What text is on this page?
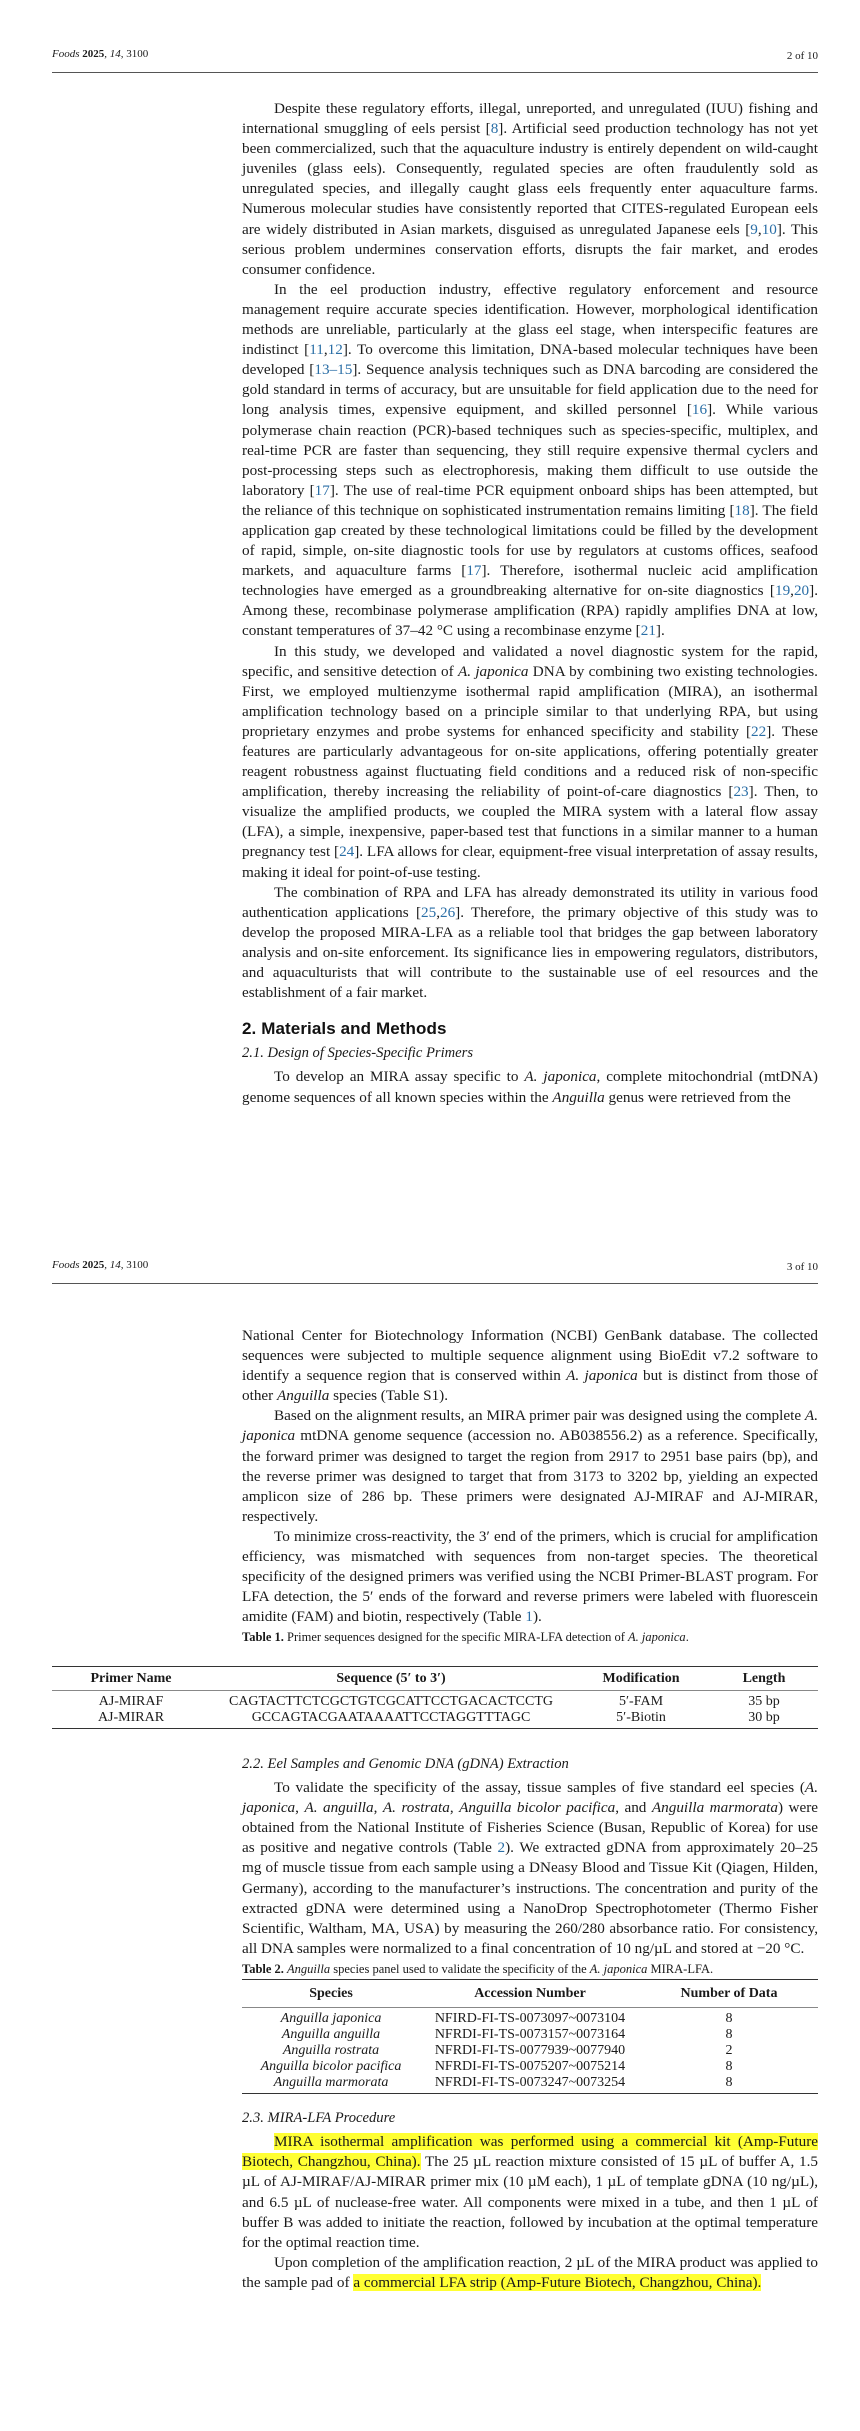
Foods 2025, 14, 3100	2 of 10

Despite these regulatory efforts, illegal, unreported, and unregulated (IUU) fishing and international smuggling of eels persist [8]. Artificial seed production technology has not yet been commercialized, such that the aquaculture industry is entirely dependent on wild-caught juveniles (glass eels). Consequently, regulated species are often fraudulently sold as unregulated species, and illegally caught glass eels frequently enter aquaculture farms. Numerous molecular studies have consistently reported that CITES-regulated European eels are widely distributed in Asian markets, disguised as unregulated Japanese eels [9,10]. This serious problem undermines conservation efforts, disrupts the fair market, and erodes consumer confidence.

In the eel production industry, effective regulatory enforcement and resource management require accurate species identification. However, morphological identification methods are unreliable, particularly at the glass eel stage, when interspecific features are indistinct [11,12]. To overcome this limitation, DNA-based molecular techniques have been developed [13–15]. Sequence analysis techniques such as DNA barcoding are considered the gold standard in terms of accuracy, but are unsuitable for field application due to the need for long analysis times, expensive equipment, and skilled personnel [16]. While various polymerase chain reaction (PCR)-based techniques such as species-specific, multiplex, and real-time PCR are faster than sequencing, they still require expensive thermal cyclers and post-processing steps such as electrophoresis, making them difficult to use outside the laboratory [17]. The use of real-time PCR equipment onboard ships has been attempted, but the reliance of this technique on sophisticated instrumentation remains limiting [18]. The field application gap created by these technological limitations could be filled by the development of rapid, simple, on-site diagnostic tools for use by regulators at customs offices, seafood markets, and aquaculture farms [17]. Therefore, isothermal nucleic acid amplification technologies have emerged as a groundbreaking alternative for on-site diagnostics [19,20]. Among these, recombinase polymerase amplification (RPA) rapidly amplifies DNA at low, constant temperatures of 37–42 °C using a recombinase enzyme [21].

In this study, we developed and validated a novel diagnostic system for the rapid, specific, and sensitive detection of A. japonica DNA by combining two existing technologies. First, we employed multienzyme isothermal rapid amplification (MIRA), an isothermal amplification technology based on a principle similar to that underlying RPA, but using proprietary enzymes and probe systems for enhanced specificity and stability [22]. These features are particularly advantageous for on-site applications, offering potentially greater reagent robustness against fluctuating field conditions and a reduced risk of non-specific amplification, thereby increasing the reliability of point-of-care diagnostics [23]. Then, to visualize the amplified products, we coupled the MIRA system with a lateral flow assay (LFA), a simple, inexpensive, paper-based test that functions in a similar manner to a human pregnancy test [24]. LFA allows for clear, equipment-free visual interpretation of assay results, making it ideal for point-of-use testing.

The combination of RPA and LFA has already demonstrated its utility in various food authentication applications [25,26]. Therefore, the primary objective of this study was to develop the proposed MIRA-LFA as a reliable tool that bridges the gap between laboratory analysis and on-site enforcement. Its significance lies in empowering regulators, distributors, and aquaculturists that will contribute to the sustainable use of eel resources and the establishment of a fair market.

2. Materials and Methods
2.1. Design of Species-Specific Primers

To develop an MIRA assay specific to A. japonica, complete mitochondrial (mtDNA) genome sequences of all known species within the Anguilla genus were retrieved from the

Foods 2025, 14, 3100	3 of 10

National Center for Biotechnology Information (NCBI) GenBank database. The collected sequences were subjected to multiple sequence alignment using BioEdit v7.2 software to identify a sequence region that is conserved within A. japonica but is distinct from those of other Anguilla species (Table S1).

Based on the alignment results, an MIRA primer pair was designed using the complete A. japonica mtDNA genome sequence (accession no. AB038556.2) as a reference. Specifically, the forward primer was designed to target the region from 2917 to 2951 base pairs (bp), and the reverse primer was designed to target that from 3173 to 3202 bp, yielding an expected amplicon size of 286 bp. These primers were designated AJ-MIRAF and AJ-MIRAR, respectively.

To minimize cross-reactivity, the 3′ end of the primers, which is crucial for amplification efficiency, was mismatched with sequences from non-target species. The theoretical specificity of the designed primers was verified using the NCBI Primer-BLAST program. For LFA detection, the 5′ ends of the forward and reverse primers were labeled with fluorescein amidite (FAM) and biotin, respectively (Table 1).

Table 1. Primer sequences designed for the specific MIRA-LFA detection of A. japonica.

Primer Name	Sequence (5′ to 3′)	Modification	Length
AJ-MIRAF	CAGTACTTCTCGCTGTCGCATTCCTGACACTCCTG	5′-FAM	35 bp
AJ-MIRAR	GCCAGTACGAATAAAATTCCTAGGTTTAGC	5′-Biotin	30 bp
2.2. Eel Samples and Genomic DNA (gDNA) Extraction

To validate the specificity of the assay, tissue samples of five standard eel species (A. japonica, A. anguilla, A. rostrata, Anguilla bicolor pacifica, and Anguilla marmorata) were obtained from the National Institute of Fisheries Science (Busan, Republic of Korea) for use as positive and negative controls (Table 2). We extracted gDNA from approximately 20–25 mg of muscle tissue from each sample using a DNeasy Blood and Tissue Kit (Qiagen, Hilden, Germany), according to the manufacturer’s instructions. The concentration and purity of the extracted gDNA were determined using a NanoDrop Spectrophotometer (Thermo Fisher Scientific, Waltham, MA, USA) by measuring the 260/280 absorbance ratio. For consistency, all DNA samples were normalized to a final concentration of 10 ng/µL and stored at −20 °C.

Table 2. Anguilla species panel used to validate the specificity of the A. japonica MIRA-LFA.

Species	Accession Number	Number of Data
Anguilla japonica	NFIRD-FI-TS-0073097~0073104	8
Anguilla anguilla	NFRDI-FI-TS-0073157~0073164	8
Anguilla rostrata	NFRDI-FI-TS-0077939~0077940	2
Anguilla bicolor pacifica	NFRDI-FI-TS-0075207~0075214	8
Anguilla marmorata	NFRDI-FI-TS-0073247~0073254	8
2.3. MIRA-LFA Procedure

MIRA isothermal amplification was performed using a commercial kit (Amp-Future Biotech, Changzhou, China). The 25 µL reaction mixture consisted of 15 µL of buffer A, 1.5 µL of AJ-MIRAF/AJ-MIRAR primer mix (10 µM each), 1 µL of template gDNA (10 ng/µL), and 6.5 µL of nuclease-free water. All components were mixed in a tube, and then 1 µL of buffer B was added to initiate the reaction, followed by incubation at the optimal temperature for the optimal reaction time.

Upon completion of the amplification reaction, 2 µL of the MIRA product was applied to the sample pad of a commercial LFA strip (Amp-Future Biotech, Changzhou, China).
